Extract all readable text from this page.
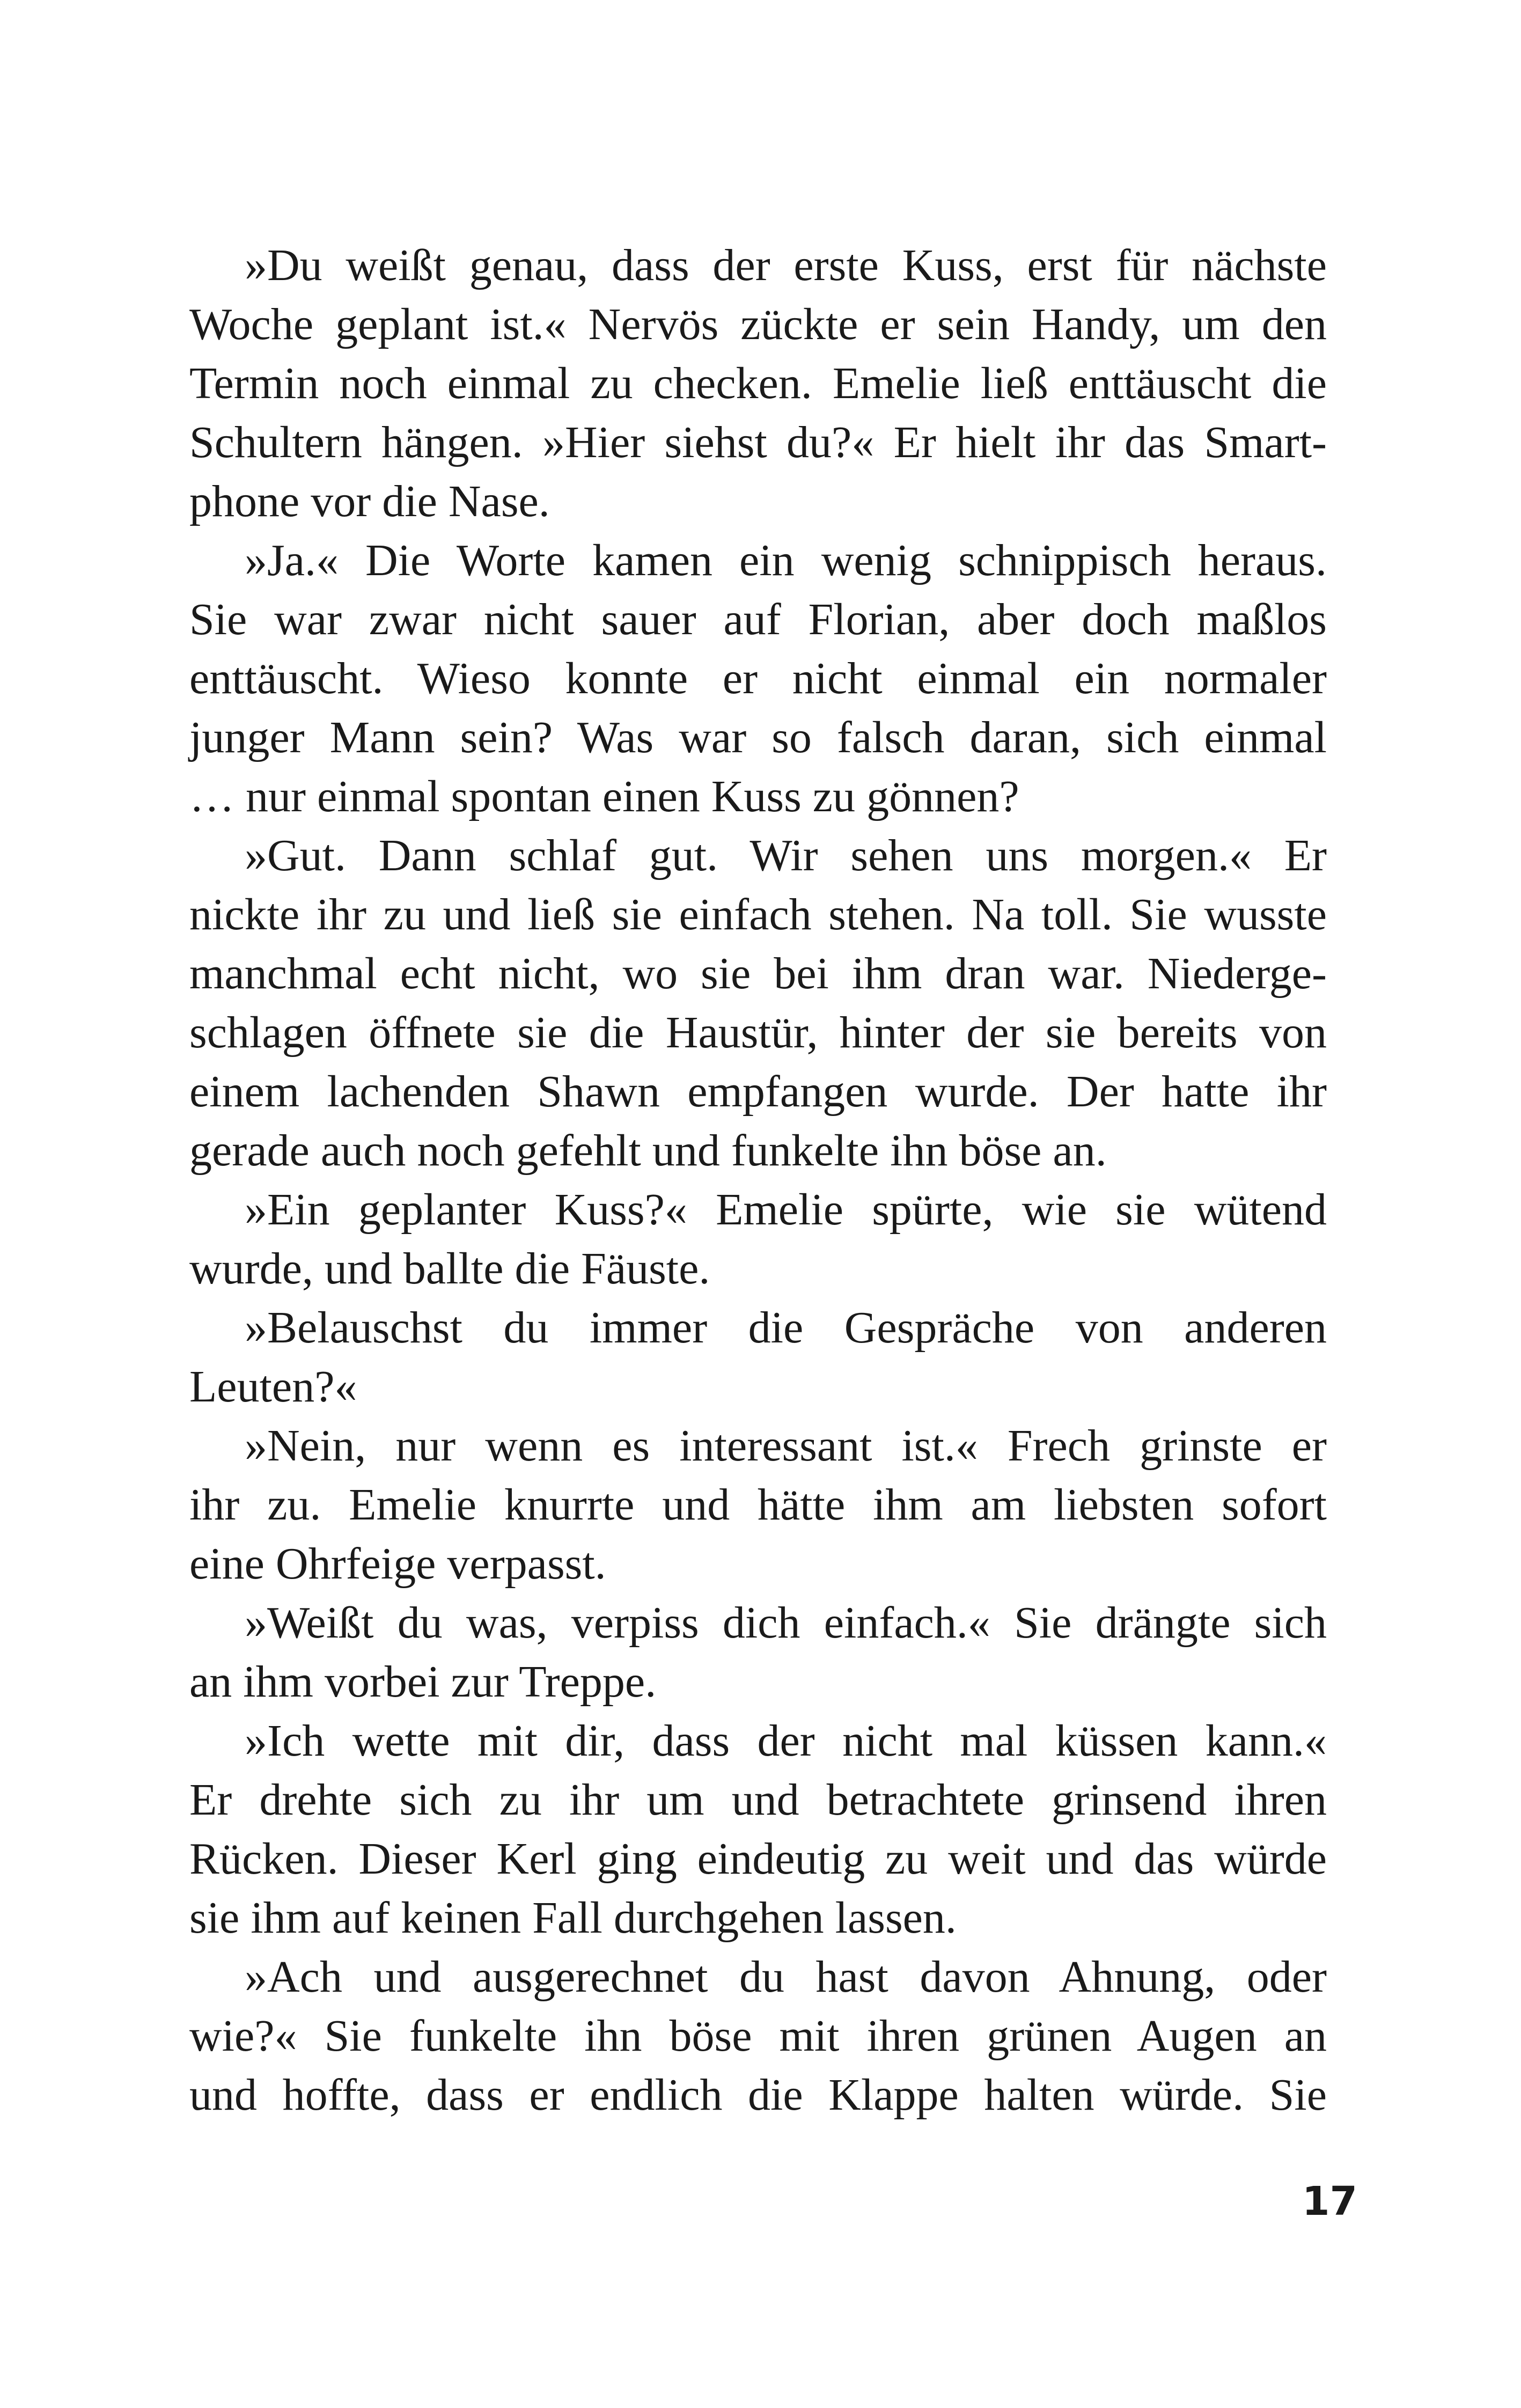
»Du weißt genau, dass der erste Kuss, erst für nächste
Woche geplant ist.« Nervös zückte er sein Handy, um den
Termin noch einmal zu checken. Emelie ließ enttäuscht die
Schultern hängen. »Hier siehst du?« Er hielt ihr das Smart-
phone vor die Nase.
»Ja.« Die Worte kamen ein wenig schnippisch heraus.
Sie war zwar nicht sauer auf Florian, aber doch maßlos
enttäuscht. Wieso konnte er nicht einmal ein normaler
junger Mann sein? Was war so falsch daran, sich einmal
… nur einmal spontan einen Kuss zu gönnen?
»Gut. Dann schlaf gut. Wir sehen uns morgen.« Er
nickte ihr zu und ließ sie einfach stehen. Na toll. Sie wusste
manchmal echt nicht, wo sie bei ihm dran war. Niederge-
schlagen öffnete sie die Haustür, hinter der sie bereits von
einem lachenden Shawn empfangen wurde. Der hatte ihr
gerade auch noch gefehlt und funkelte ihn böse an.
»Ein geplanter Kuss?« Emelie spürte, wie sie wütend
wurde, und ballte die Fäuste.
»Belauschst du immer die Gespräche von anderen
Leuten?«
»Nein, nur wenn es interessant ist.« Frech grinste er
ihr zu. Emelie knurrte und hätte ihm am liebsten sofort
eine Ohrfeige verpasst.
»Weißt du was, verpiss dich einfach.« Sie drängte sich
an ihm vorbei zur Treppe.
»Ich wette mit dir, dass der nicht mal küssen kann.«
Er drehte sich zu ihr um und betrachtete grinsend ihren
Rücken. Dieser Kerl ging eindeutig zu weit und das würde
sie ihm auf keinen Fall durchgehen lassen.
»Ach und ausgerechnet du hast davon Ahnung, oder
wie?« Sie funkelte ihn böse mit ihren grünen Augen an
und hoffte, dass er endlich die Klappe halten würde. Sie
17
